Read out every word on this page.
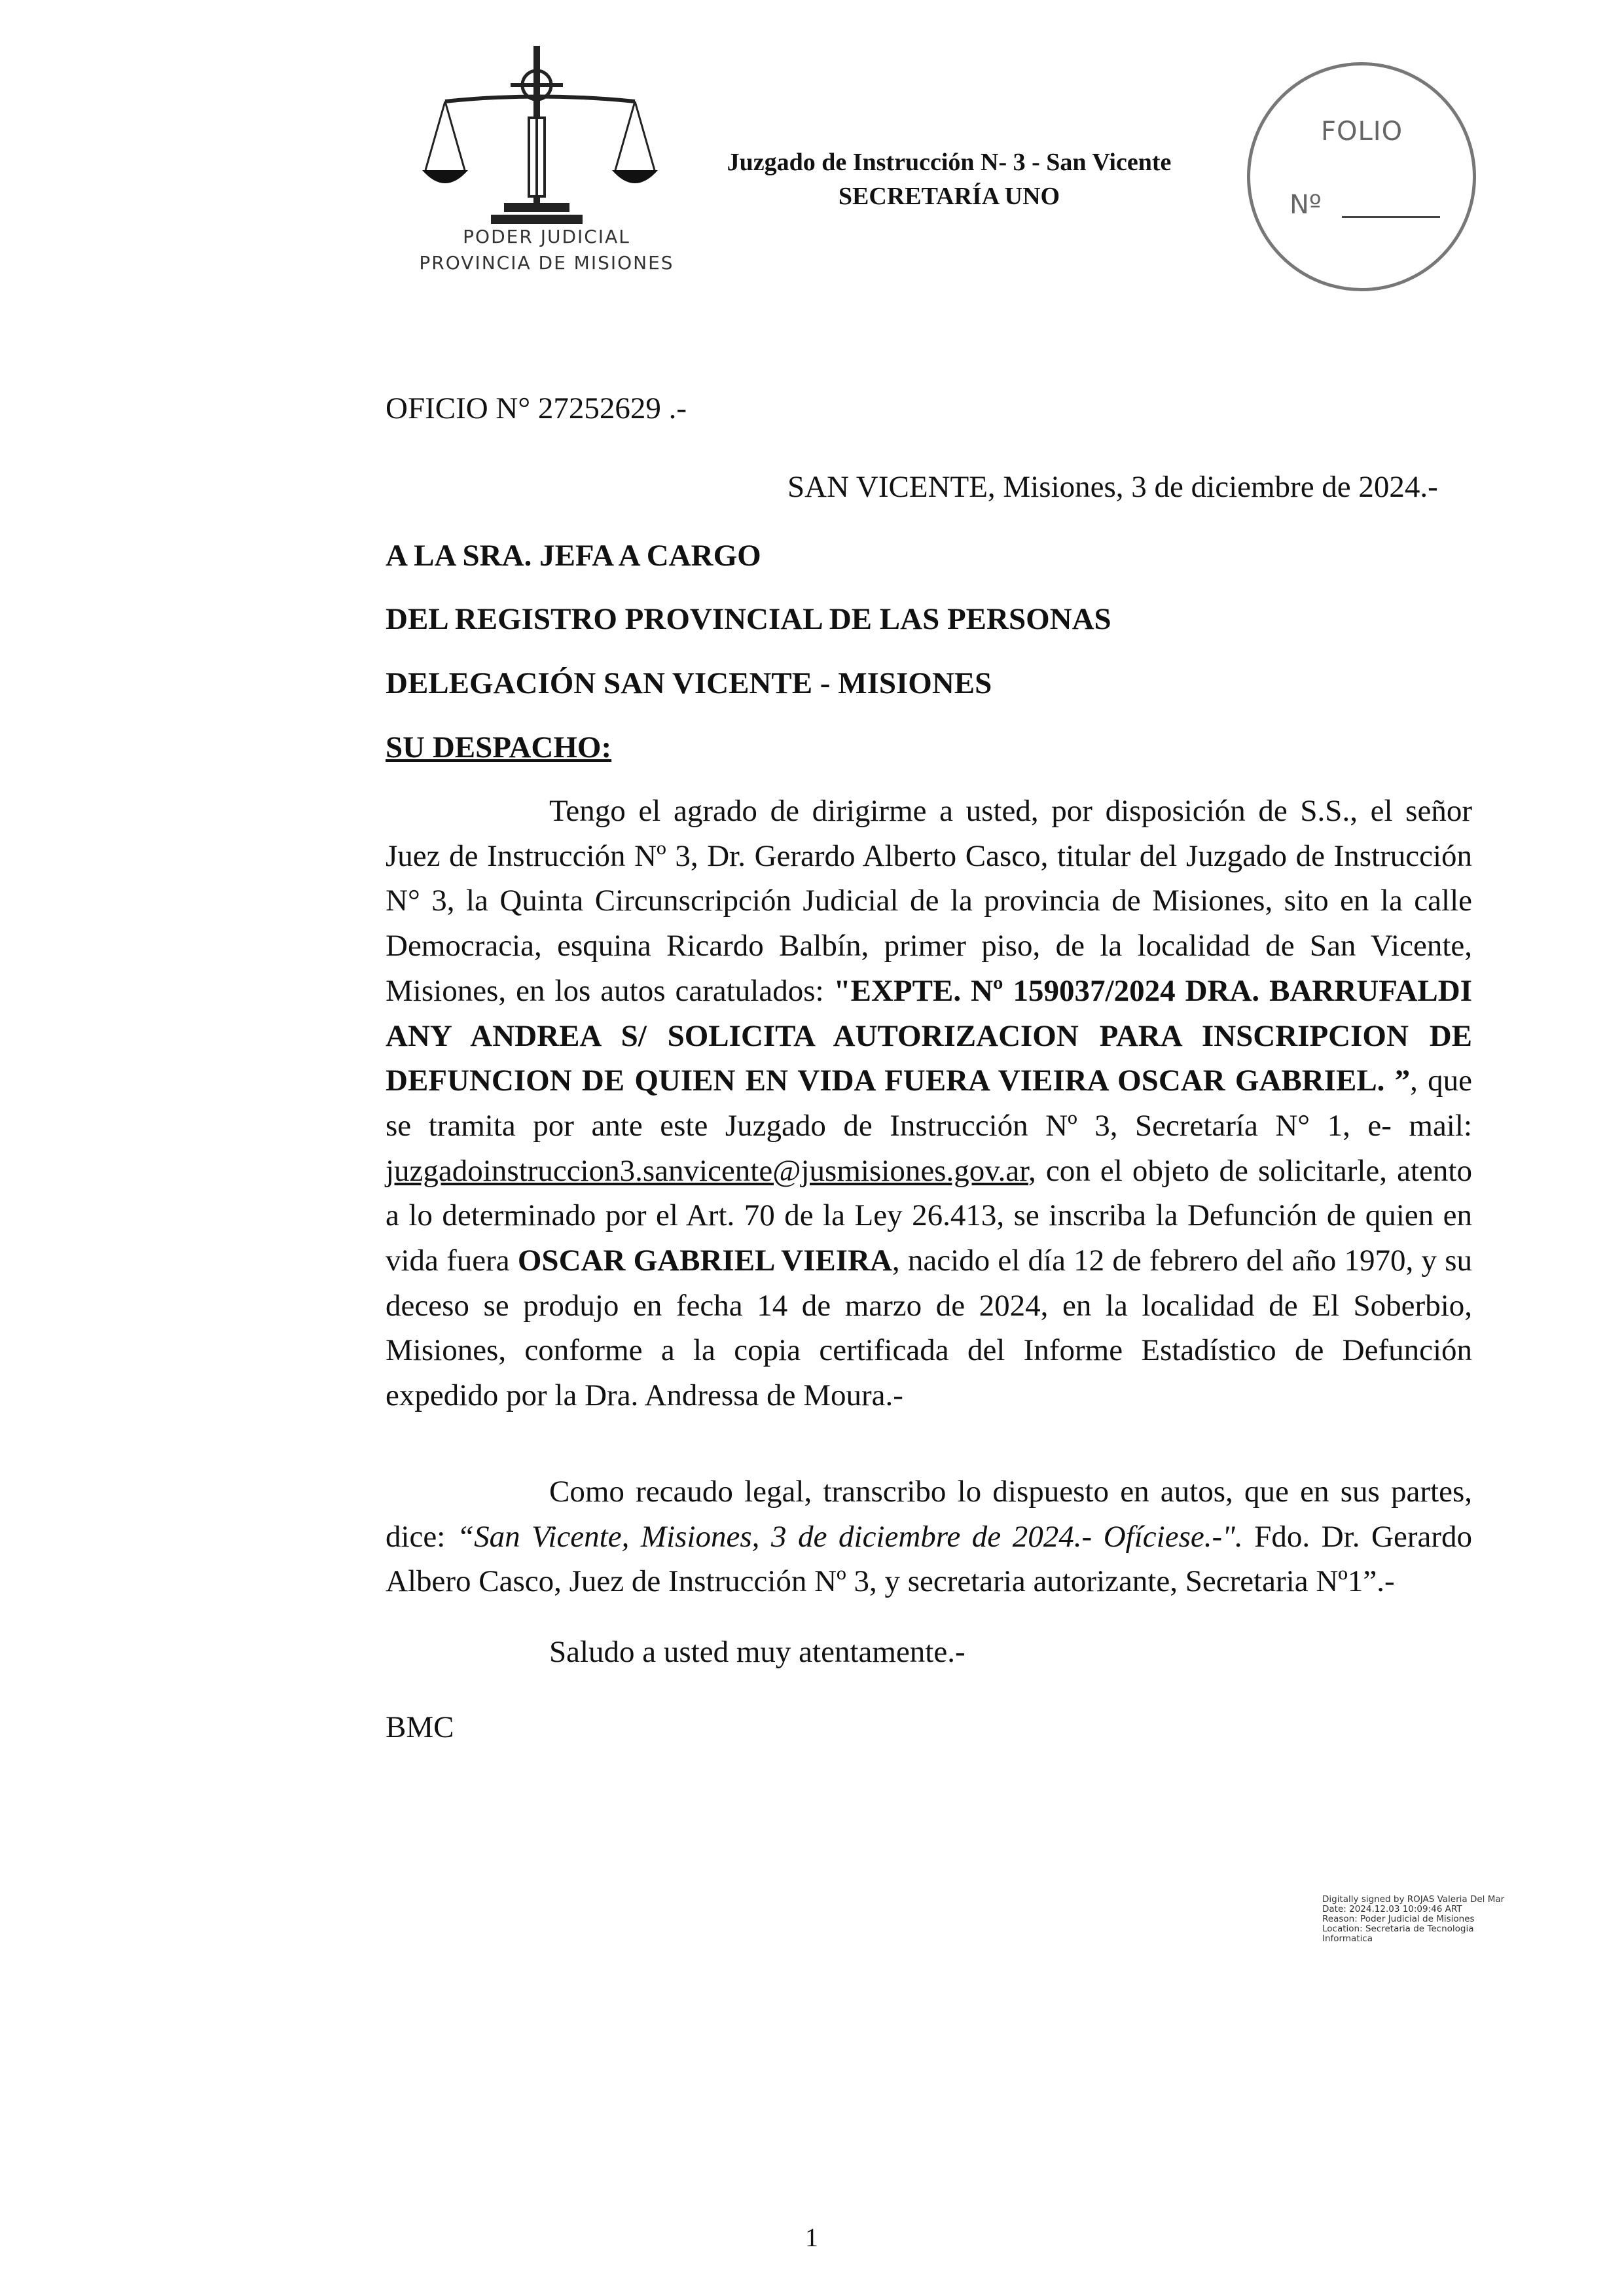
PODER JUDICIAL
PROVINCIA DE MISIONES
Juzgado de Instrucción N- 3 - San Vicente
SECRETARÍA UNO
FOLIO
Nº
OFICIO N° 27252629 .-
SAN VICENTE, Misiones, 3 de diciembre de 2024.-
A LA SRA. JEFA A CARGO
DEL REGISTRO PROVINCIAL DE LAS PERSONAS
DELEGACIÓN SAN VICENTE - MISIONES
SU DESPACHO:
Tengo el agrado de dirigirme a usted, por disposición de S.S., el señor Juez de Instrucción Nº 3, Dr. Gerardo Alberto Casco, titular del Juzgado de Instrucción N° 3, la Quinta Circunscripción Judicial de la provincia de Misiones, sito en la calle Democracia, esquina Ricardo Balbín, primer piso, de la localidad de San Vicente, Misiones, en los autos caratulados: "EXPTE. Nº 159037/2024 DRA. BARRUFALDI ANY ANDREA S/ SOLICITA AUTORIZACION PARA INSCRIPCION DE DEFUNCION DE QUIEN EN VIDA FUERA VIEIRA OSCAR GABRIEL. ”, que se tramita por ante este Juzgado de Instrucción Nº 3, Secretaría N° 1, e- mail: juzgadoinstruccion3.sanvicente@jusmisiones.gov.ar, con el objeto de solicitarle, atento a lo determinado por el Art. 70 de la Ley 26.413, se inscriba la Defunción de quien en vida fuera OSCAR GABRIEL VIEIRA, nacido el día 12 de febrero del año 1970, y su deceso se produjo en fecha 14 de marzo de 2024, en la localidad de El Soberbio, Misiones, conforme a la copia certificada del Informe Estadístico de Defunción expedido por la Dra. Andressa de Moura.-
Como recaudo legal, transcribo lo dispuesto en autos, que en sus partes, dice: “San Vicente, Misiones, 3 de diciembre de 2024.- Ofíciese.-". Fdo. Dr. Gerardo Albero Casco, Juez de Instrucción Nº 3, y secretaria autorizante, Secretaria Nº1”.-
Saludo a usted muy atentamente.-
BMC
Digitally signed by ROJAS Valeria Del Mar
Date: 2024.12.03 10:09:46 ART
Reason: Poder Judicial de Misiones
Location: Secretaria de Tecnologia
Informatica
1
